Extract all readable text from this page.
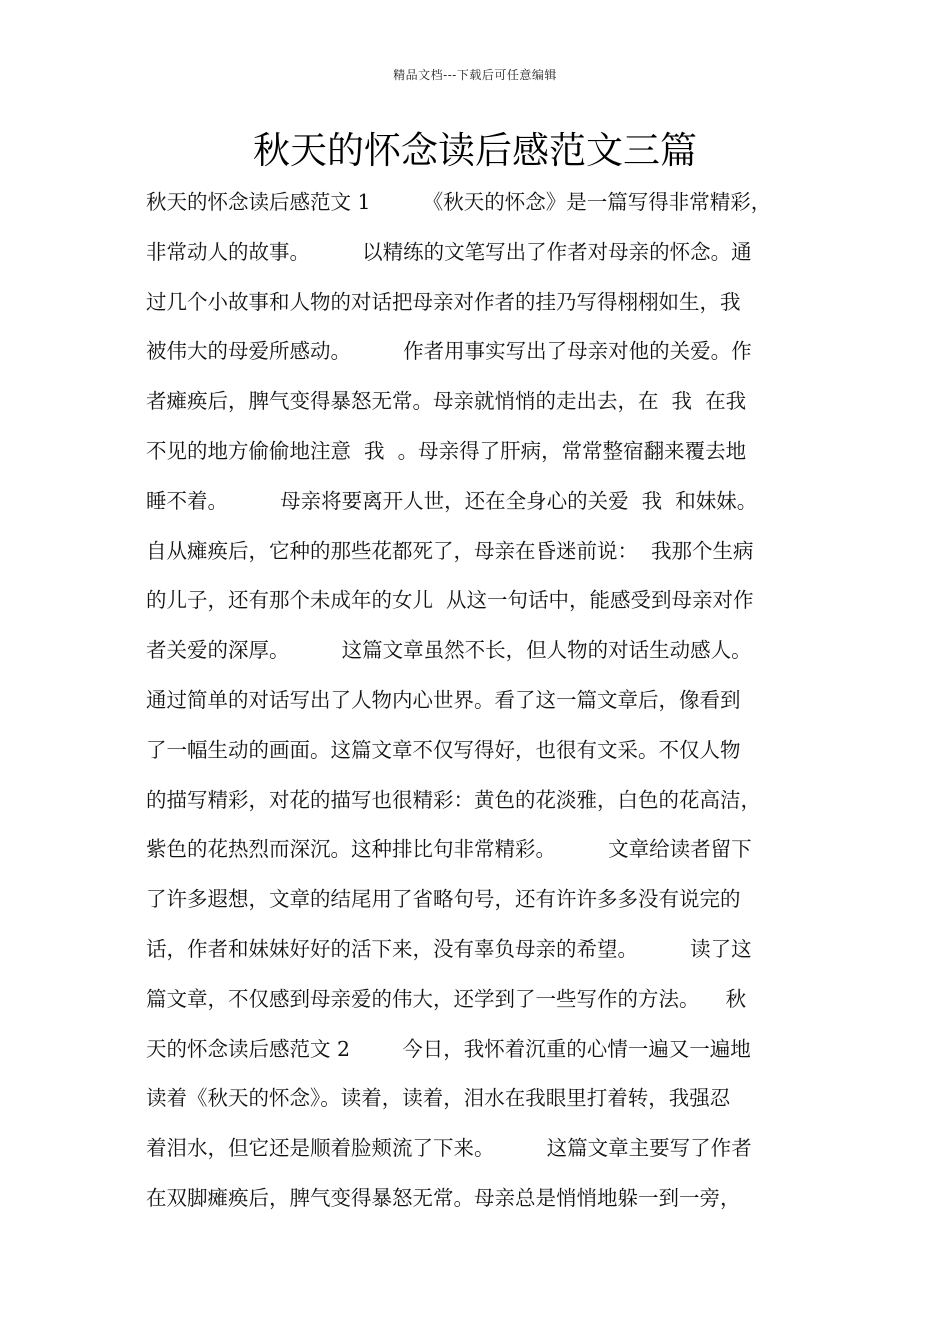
精品文档---下载后可任意编辑
秋天的怀念读后感范文三篇
秋天的怀念读后感范文 1        《秋天的怀念》是一篇写得非常精彩，
非常动人的故事。        以精练的文笔写出了作者对母亲的怀念。通
过几个小故事和人物的对话把母亲对作者的挂乃写得栩栩如生，我
被伟大的母爱所感动。        作者用事实写出了母亲对他的关爱。作
者瘫痪后，脾气变得暴怒无常。母亲就悄悄的走出去，在  我  在我
不见的地方偷偷地注意  我  。母亲得了肝病，常常整宿翻来覆去地
睡不着。        母亲将要离开人世，还在全身心的关爱  我  和妹妹。
自从瘫痪后，它种的那些花都死了，母亲在昏迷前说：  我那个生病
的儿子，还有那个未成年的女儿  从这一句话中，能感受到母亲对作
者关爱的深厚。        这篇文章虽然不长，但人物的对话生动感人。
通过简单的对话写出了人物内心世界。看了这一篇文章后，像看到
了一幅生动的画面。这篇文章不仅写得好，也很有文采。不仅人物
的描写精彩，对花的描写也很精彩：黄色的花淡雅，白色的花高洁，
紫色的花热烈而深沉。这种排比句非常精彩。        文章给读者留下
了许多遐想，文章的结尾用了省略句号，还有许许多多没有说完的
话，作者和妹妹好好的活下来，没有辜负母亲的希望。        读了这
篇文章，不仅感到母亲爱的伟大，还学到了一些写作的方法。    秋
天的怀念读后感范文 2        今日，我怀着沉重的心情一遍又一遍地
读着《秋天的怀念》。读着，读着，泪水在我眼里打着转，我强忍
着泪水，但它还是顺着脸颊流了下来。        这篇文章主要写了作者
在双脚瘫痪后，脾气变得暴怒无常。母亲总是悄悄地躲一到一旁，
